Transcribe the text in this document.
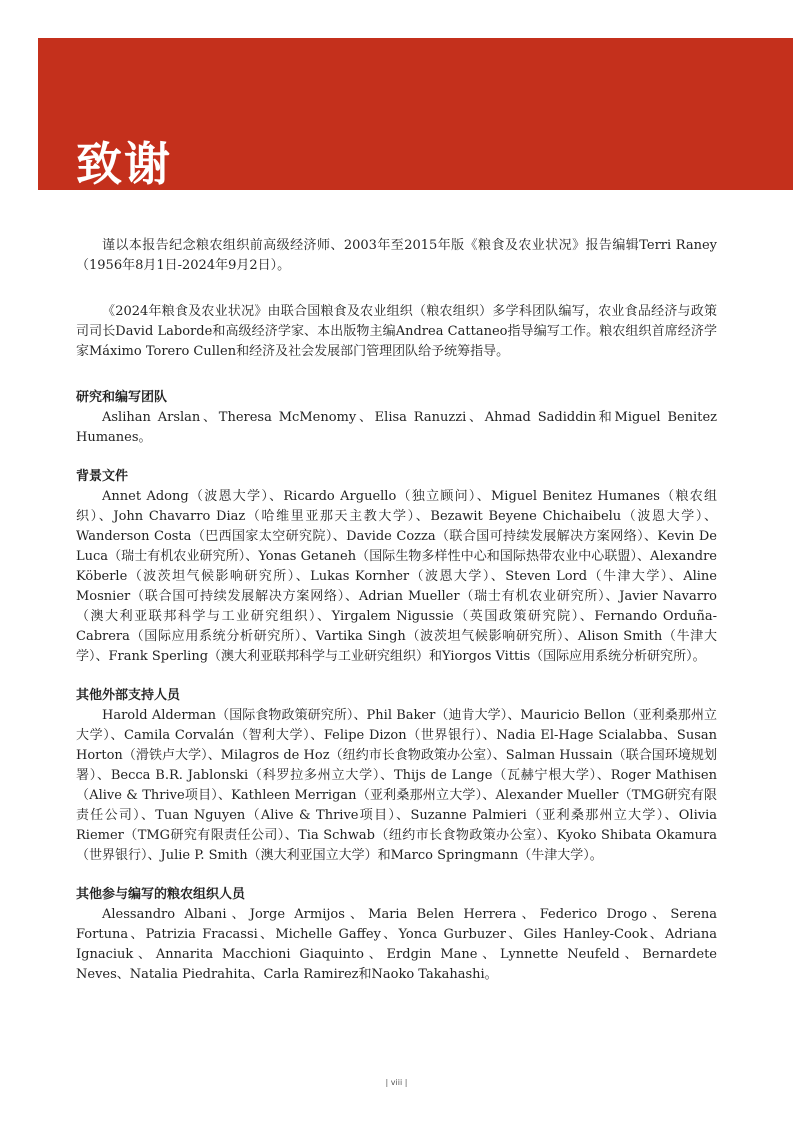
致谢

谨以本报告纪念粮农组织前高级经济师、2003年至2015年版《粮食及农业状况》报告编辑Terri Raney（1956年8月1日-2024年9月2日）。

《2024年粮食及农业状况》由联合国粮食及农业组织（粮农组织）多学科团队编写，农业食品经济与政策司司长David Laborde和高级经济学家、本出版物主编Andrea Cattaneo指导编写工作。粮农组织首席经济学家Máximo Torero Cullen和经济及社会发展部门管理团队给予统筹指导。

研究和编写团队

Aslihan Arslan、Theresa McMenomy、Elisa Ranuzzi、Ahmad Sadiddin和Miguel Benitez Humanes。

背景文件

Annet Adong（波恩大学）、Ricardo Arguello（独立顾问）、Miguel Benitez Humanes（粮农组织）、John Chavarro Diaz（哈维里亚那天主教大学）、Bezawit Beyene Chichaibelu（波恩大学）、Wanderson Costa（巴西国家太空研究院）、Davide Cozza（联合国可持续发展解决方案网络）、Kevin De Luca（瑞士有机农业研究所）、Yonas Getaneh（国际生物多样性中心和国际热带农业中心联盟）、Alexandre Köberle（波茨坦气候影响研究所）、Lukas Kornher（波恩大学）、Steven Lord（牛津大学）、Aline Mosnier（联合国可持续发展解决方案网络）、Adrian Mueller（瑞士有机农业研究所）、Javier Navarro（澳大利亚联邦科学与工业研究组织）、Yirgalem Nigussie（英国政策研究院）、Fernando Orduña-Cabrera（国际应用系统分析研究所）、Vartika Singh（波茨坦气候影响研究所）、Alison Smith（牛津大学）、Frank Sperling（澳大利亚联邦科学与工业研究组织）和Yiorgos Vittis（国际应用系统分析研究所）。

其他外部支持人员

Harold Alderman（国际食物政策研究所）、Phil Baker（迪肯大学）、Mauricio Bellon（亚利桑那州立大学）、Camila Corvalán（智利大学）、Felipe Dizon（世界银行）、Nadia El-Hage Scialabba、Susan Horton（滑铁卢大学）、Milagros de Hoz（纽约市长食物政策办公室）、Salman Hussain（联合国环境规划署）、Becca B.R. Jablonski（科罗拉多州立大学）、Thijs de Lange（瓦赫宁根大学）、Roger Mathisen（Alive & Thrive项目）、Kathleen Merrigan（亚利桑那州立大学）、Alexander Mueller（TMG研究有限责任公司）、Tuan Nguyen（Alive & Thrive项目）、Suzanne Palmieri（亚利桑那州立大学）、Olivia Riemer（TMG研究有限责任公司）、Tia Schwab（纽约市长食物政策办公室）、Kyoko Shibata Okamura（世界银行）、Julie P. Smith（澳大利亚国立大学）和Marco Springmann（牛津大学）。

其他参与编写的粮农组织人员

Alessandro Albani、Jorge Armijos、Maria Belen Herrera、Federico Drogo、Serena Fortuna、Patrizia Fracassi、Michelle Gaffey、Yonca Gurbuzer、Giles Hanley-Cook、Adriana Ignaciuk、Annarita Macchioni Giaquinto、Erdgin Mane、Lynnette Neufeld、Bernardete Neves、Natalia Piedrahita、Carla Ramirez和Naoko Takahashi。

| viii |
